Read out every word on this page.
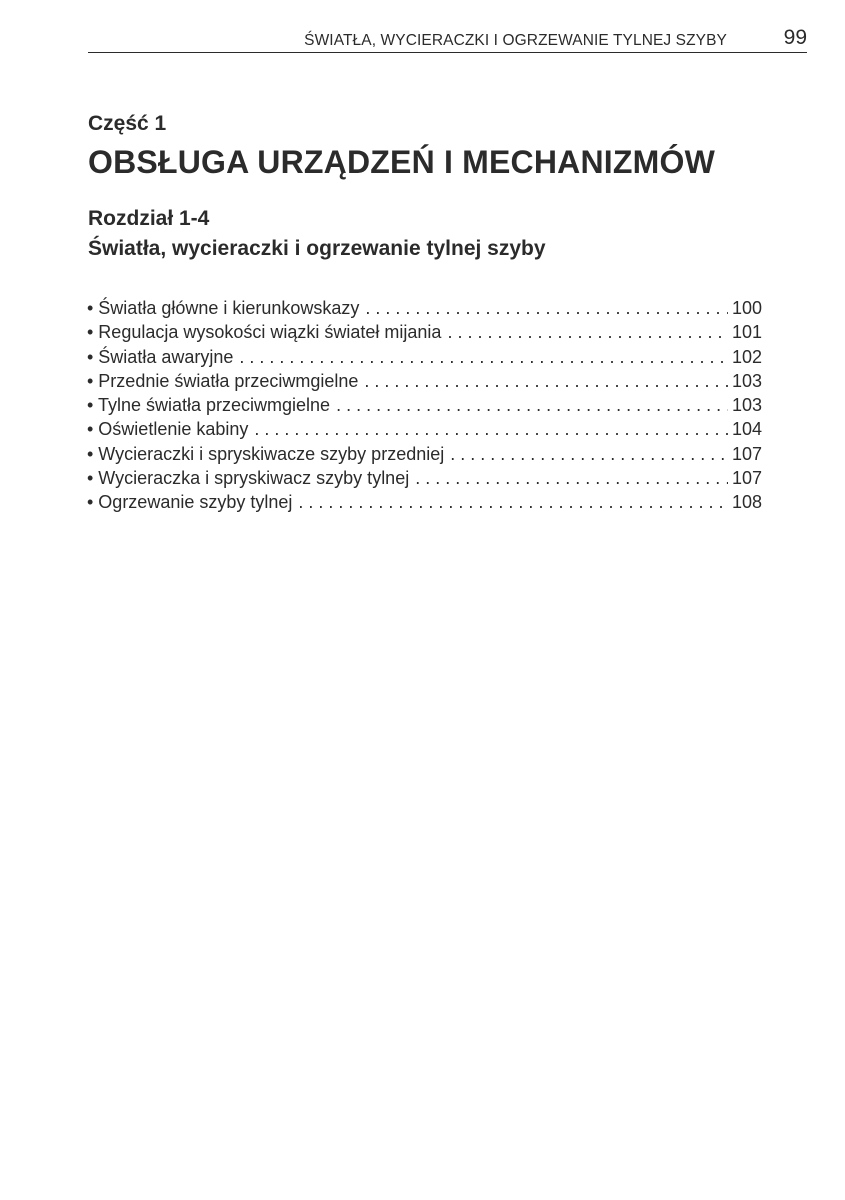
ŚWIATŁA, WYCIERACZKI I OGRZEWANIE TYLNEJ SZYBY	99
Część 1
OBSŁUGA URZĄDZEŃ I MECHANIZMÓW
Rozdział 1-4
Światła, wycieraczki i ogrzewanie tylnej szyby
• Światła główne i kierunkowskazy . . .	100
• Regulacja wysokości wiązki świateł mijania . . .	101
• Światła awaryjne . . .	102
• Przednie światła przeciwmgielne . . .	103
• Tylne światła przeciwmgielne . . .	103
• Oświetlenie kabiny . . .	104
• Wycieraczki i spryskiwacze szyby przedniej . . .	107
• Wycieraczka i spryskiwacz szyby tylnej . . .	107
• Ogrzewanie szyby tylnej . . .	108
